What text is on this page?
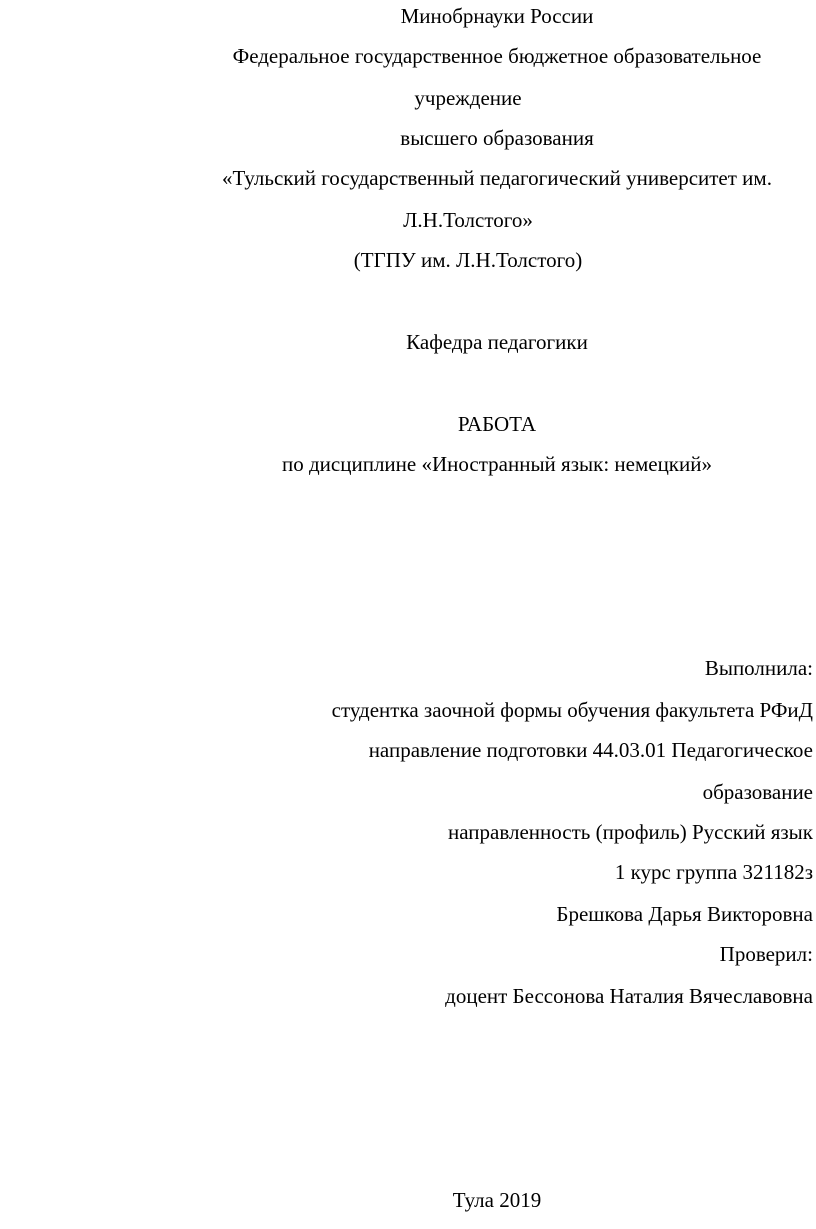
Минобрнауки России
Федеральное государственное бюджетное образовательное
учреждение
высшего образования
«Тульский государственный педагогический университет им.
Л.Н.Толстого»
(ТГПУ им. Л.Н.Толстого)
Кафедра педагогики
РАБОТА
по дисциплине «Иностранный язык: немецкий»
Выполнила:
студентка заочной формы обучения факультета РФиД
направление подготовки 44.03.01 Педагогическое
образование
направленность (профиль) Русский язык
1 курс группа 321182з
Брешкова Дарья Викторовна
Проверил:
доцент Бессонова Наталия Вячеславовна
Тула 2019
